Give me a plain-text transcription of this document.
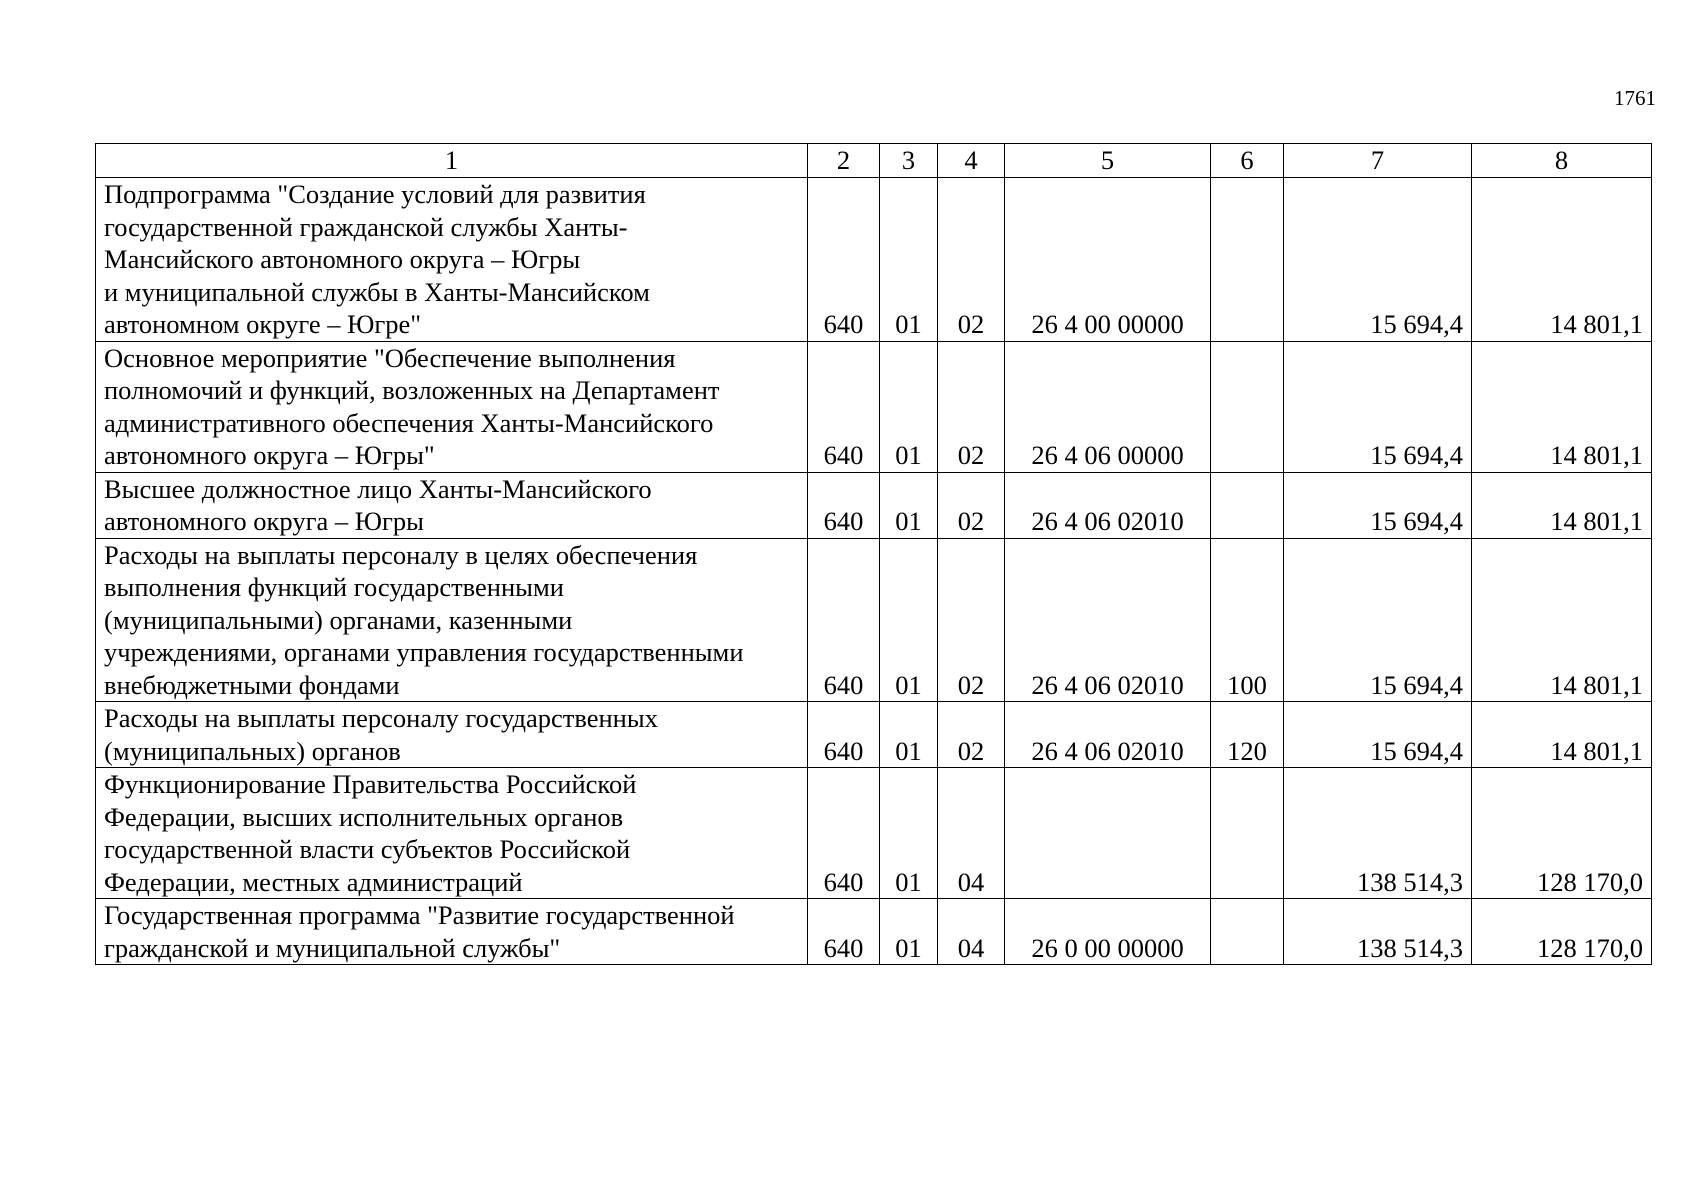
1761
1	2	3	4	5	6	7	8
Подпрограмма "Создание условий для развития
государственной гражданской службы Ханты-
Мансийского автономного округа – Югры
и муниципальной службы в Ханты-Мансийском
автономном округе – Югре"	640	01	02	26 4 00 00000		15 694,4	14 801,1
Основное мероприятие "Обеспечение выполнения
полномочий и функций, возложенных на Департамент
административного обеспечения Ханты-Мансийского
автономного округа – Югры"	640	01	02	26 4 06 00000		15 694,4	14 801,1
Высшее должностное лицо Ханты-Мансийского
автономного округа – Югры	640	01	02	26 4 06 02010		15 694,4	14 801,1
Расходы на выплаты персоналу в целях обеспечения
выполнения функций государственными
(муниципальными) органами, казенными
учреждениями, органами управления государственными
внебюджетными фондами	640	01	02	26 4 06 02010	100	15 694,4	14 801,1
Расходы на выплаты персоналу государственных
(муниципальных) органов	640	01	02	26 4 06 02010	120	15 694,4	14 801,1
Функционирование Правительства Российской
Федерации, высших исполнительных органов
государственной власти субъектов Российской
Федерации, местных администраций	640	01	04			138 514,3	128 170,0
Государственная программа "Развитие государственной
гражданской и муниципальной службы"	640	01	04	26 0 00 00000		138 514,3	128 170,0
